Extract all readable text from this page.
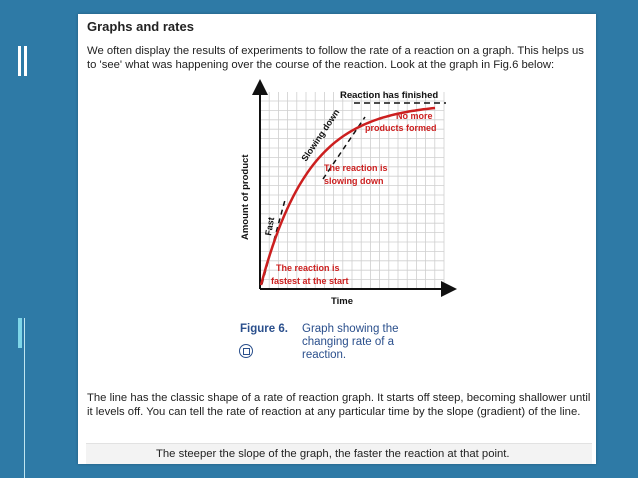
Graphs and rates

We often display the results of experiments to follow the rate of a reaction on a graph. This helps us to 'see' what was happening over the course of the reaction. Look at the graph in Fig.6 below:

Reaction has finished
No more
products formed
Slowing down
The reaction is
slowing down
Fast
The reaction is
fastest at the start
Time
Amount of product
Figure 6. Graph showing the changing rate of a reaction.

The line has the classic shape of a rate of reaction graph. It starts off steep, becoming shallower until it levels off. You can tell the rate of reaction at any particular time by the slope (gradient) of the line.

The steeper the slope of the graph, the faster the reaction at that point.
